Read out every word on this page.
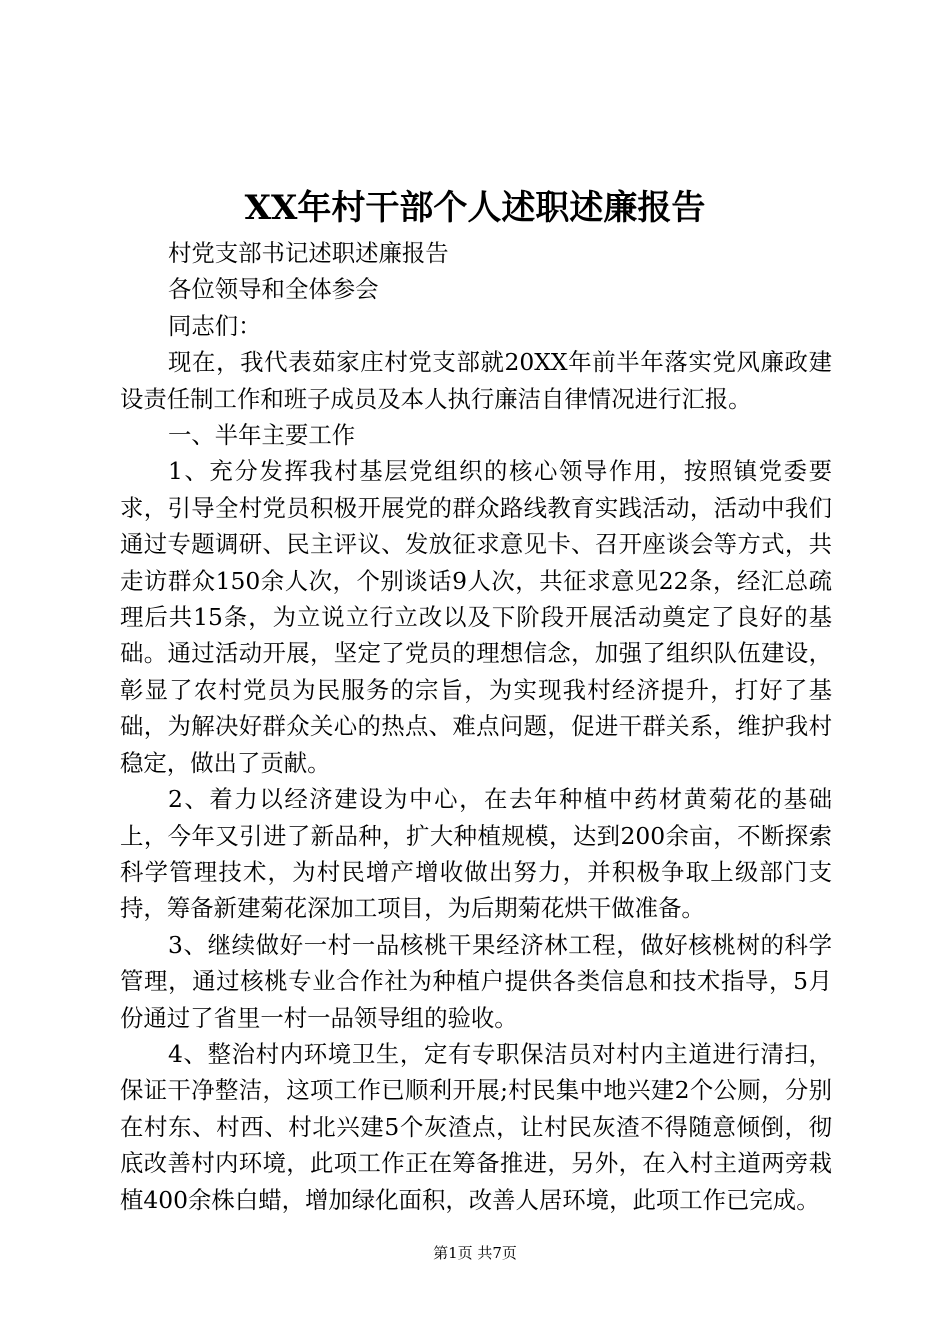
XX年村干部个人述职述廉报告

村党支部书记述职述廉报告

各位领导和全体参会

同志们：

现在，我代表茹家庄村党支部就20XX年前半年落实党风廉政建设责任制工作和班子成员及本人执行廉洁自律情况进行汇报。

一、半年主要工作

1、充分发挥我村基层党组织的核心领导作用，按照镇党委要求，引导全村党员积极开展党的群众路线教育实践活动，活动中我们通过专题调研、民主评议、发放征求意见卡、召开座谈会等方式，共走访群众150余人次，个别谈话9人次，共征求意见22条，经汇总疏理后共15条，为立说立行立改以及下阶段开展活动奠定了良好的基础。通过活动开展，坚定了党员的理想信念，加强了组织队伍建设，彰显了农村党员为民服务的宗旨，为实现我村经济提升，打好了基础，为解决好群众关心的热点、难点问题，促进干群关系，维护我村稳定，做出了贡献。

2、着力以经济建设为中心，在去年种植中药材黄菊花的基础上，今年又引进了新品种，扩大种植规模，达到200余亩，不断探索科学管理技术，为村民增产增收做出努力，并积极争取上级部门支持，筹备新建菊花深加工项目，为后期菊花烘干做准备。

3、继续做好一村一品核桃干果经济林工程，做好核桃树的科学管理，通过核桃专业合作社为种植户提供各类信息和技术指导，5月份通过了省里一村一品领导组的验收。

4、整治村内环境卫生，定有专职保洁员对村内主道进行清扫，保证干净整洁，这项工作已顺利开展;村民集中地兴建2个公厕，分别在村东、村西、村北兴建5个灰渣点，让村民灰渣不得随意倾倒，彻底改善村内环境，此项工作正在筹备推进，另外，在入村主道两旁栽植400余株白蜡，增加绿化面积，改善人居环境，此项工作已完成。

第1页 共7页
